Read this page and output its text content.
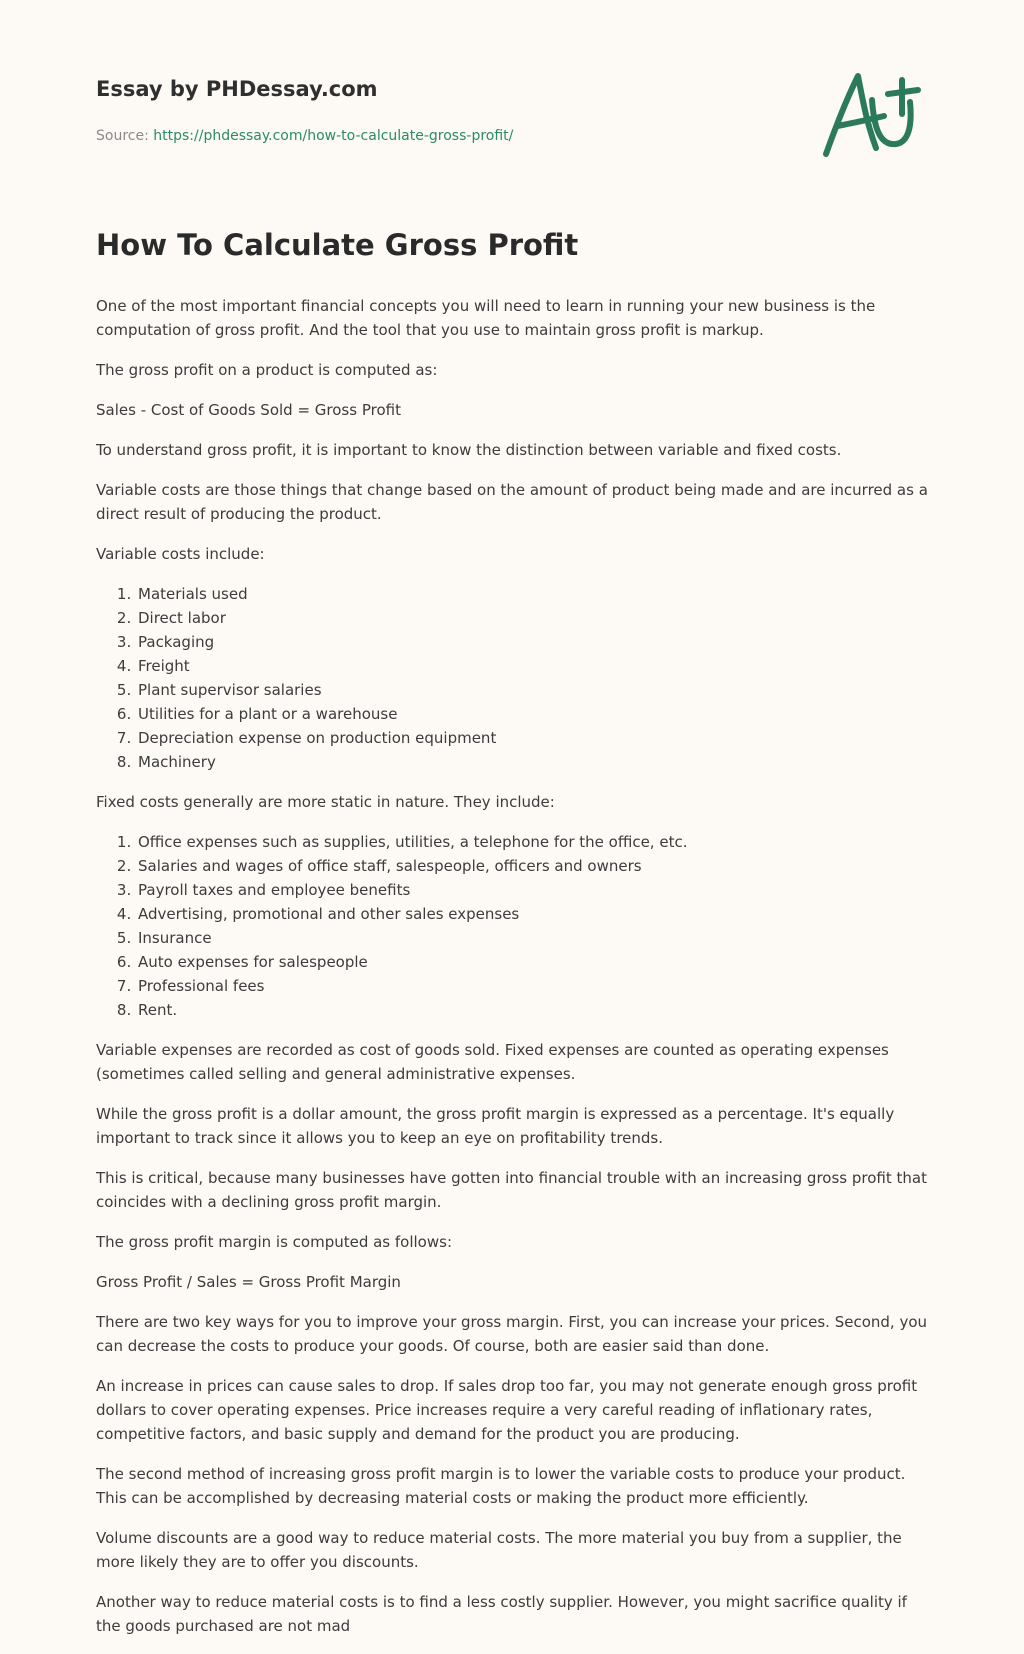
Essay by PHDessay.com
Source: https://phdessay.com/how-to-calculate-gross-profit/
How To Calculate Gross Profit

One of the most important financial concepts you will need to learn in running your new business is the computation of gross profit. And the tool that you use to maintain gross profit is markup.

The gross profit on a product is computed as:

Sales - Cost of Goods Sold = Gross Profit

To understand gross profit, it is important to know the distinction between variable and fixed costs.

Variable costs are those things that change based on the amount of product being made and are incurred as a direct result of producing the product.

Variable costs include:

1. Materials used
2. Direct labor
3. Packaging
4. Freight
5. Plant supervisor salaries
6. Utilities for a plant or a warehouse
7. Depreciation expense on production equipment
8. Machinery

Fixed costs generally are more static in nature. They include:

1. Office expenses such as supplies, utilities, a telephone for the office, etc.
2. Salaries and wages of office staff, salespeople, officers and owners
3. Payroll taxes and employee benefits
4. Advertising, promotional and other sales expenses
5. Insurance
6. Auto expenses for salespeople
7. Professional fees
8. Rent.

Variable expenses are recorded as cost of goods sold. Fixed expenses are counted as operating expenses (sometimes called selling and general administrative expenses.

While the gross profit is a dollar amount, the gross profit margin is expressed as a percentage. It's equally important to track since it allows you to keep an eye on profitability trends.

This is critical, because many businesses have gotten into financial trouble with an increasing gross profit that coincides with a declining gross profit margin.

The gross profit margin is computed as follows:

Gross Profit / Sales = Gross Profit Margin

There are two key ways for you to improve your gross margin. First, you can increase your prices. Second, you can decrease the costs to produce your goods. Of course, both are easier said than done.

An increase in prices can cause sales to drop. If sales drop too far, you may not generate enough gross profit dollars to cover operating expenses. Price increases require a very careful reading of inflationary rates, competitive factors, and basic supply and demand for the product you are producing.

The second method of increasing gross profit margin is to lower the variable costs to produce your product. This can be accomplished by decreasing material costs or making the product more efficiently.

Volume discounts are a good way to reduce material costs. The more material you buy from a supplier, the more likely they are to offer you discounts.

Another way to reduce material costs is to find a less costly supplier. However, you might sacrifice quality if the goods purchased are not mad
